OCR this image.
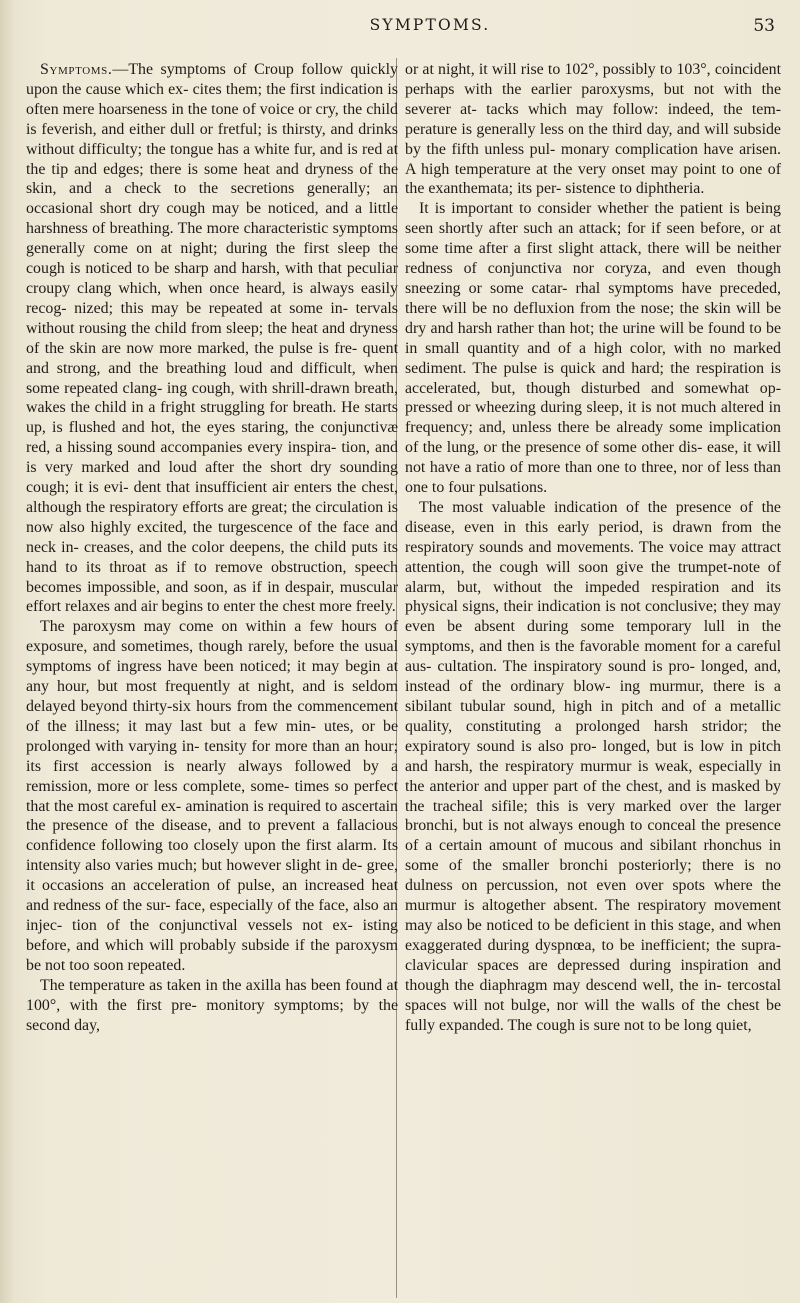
SYMPTOMS.	53

Symptoms.—The symptoms of Croup follow quickly upon the cause which ex- cites them; the first indication is often mere hoarseness in the tone of voice or cry, the child is feverish, and either dull or fretful; is thirsty, and drinks without difficulty; the tongue has a white fur, and is red at the tip and edges; there is some heat and dryness of the skin, and a check to the secretions generally; an occasional short dry cough may be noticed, and a little harshness of breathing. The more characteristic symptoms generally come on at night; during the first sleep the cough is noticed to be sharp and harsh, with that peculiar croupy clang which, when once heard, is always easily recog- nized; this may be repeated at some in- tervals without rousing the child from sleep; the heat and dryness of the skin are now more marked, the pulse is fre- quent and strong, and the breathing loud and difficult, when some repeated clang- ing cough, with shrill-drawn breath, wakes the child in a fright struggling for breath. He starts up, is flushed and hot, the eyes staring, the conjunctivæ red, a hissing sound accompanies every inspira- tion, and is very marked and loud after the short dry sounding cough; it is evi- dent that insufficient air enters the chest, although the respiratory efforts are great; the circulation is now also highly excited, the turgescence of the face and neck in- creases, and the color deepens, the child puts its hand to its throat as if to remove obstruction, speech becomes impossible, and soon, as if in despair, muscular effort relaxes and air begins to enter the chest more freely.

The paroxysm may come on within a few hours of exposure, and sometimes, though rarely, before the usual symptoms of ingress have been noticed; it may begin at any hour, but most frequently at night, and is seldom delayed beyond thirty-six hours from the commencement of the illness; it may last but a few min- utes, or be prolonged with varying in- tensity for more than an hour; its first accession is nearly always followed by a remission, more or less complete, some- times so perfect that the most careful ex- amination is required to ascertain the presence of the disease, and to prevent a fallacious confidence following too closely upon the first alarm. Its intensity also varies much; but however slight in de- gree, it occasions an acceleration of pulse, an increased heat and redness of the sur- face, especially of the face, also an injec- tion of the conjunctival vessels not ex- isting before, and which will probably subside if the paroxysm be not too soon repeated.

The temperature as taken in the axilla has been found at 100°, with the first pre- monitory symptoms; by the second day,

or at night, it will rise to 102°, possibly to 103°, coincident perhaps with the earlier paroxysms, but not with the severer at- tacks which may follow: indeed, the tem- perature is generally less on the third day, and will subside by the fifth unless pul- monary complication have arisen. A high temperature at the very onset may point to one of the exanthemata; its per- sistence to diphtheria.

It is important to consider whether the patient is being seen shortly after such an attack; for if seen before, or at some time after a first slight attack, there will be neither redness of conjunctiva nor coryza, and even though sneezing or some catar- rhal symptoms have preceded, there will be no defluxion from the nose; the skin will be dry and harsh rather than hot; the urine will be found to be in small quantity and of a high color, with no marked sediment. The pulse is quick and hard; the respiration is accelerated, but, though disturbed and somewhat op- pressed or wheezing during sleep, it is not much altered in frequency; and, unless there be already some implication of the lung, or the presence of some other dis- ease, it will not have a ratio of more than one to three, nor of less than one to four pulsations.

The most valuable indication of the presence of the disease, even in this early period, is drawn from the respiratory sounds and movements. The voice may attract attention, the cough will soon give the trumpet-note of alarm, but, without the impeded respiration and its physical signs, their indication is not conclusive; they may even be absent during some temporary lull in the symptoms, and then is the favorable moment for a careful aus- cultation. The inspiratory sound is pro- longed, and, instead of the ordinary blow- ing murmur, there is a sibilant tubular sound, high in pitch and of a metallic quality, constituting a prolonged harsh stridor; the expiratory sound is also pro- longed, but is low in pitch and harsh, the respiratory murmur is weak, especially in the anterior and upper part of the chest, and is masked by the tracheal sifile; this is very marked over the larger bronchi, but is not always enough to conceal the presence of a certain amount of mucous and sibilant rhonchus in some of the smaller bronchi posteriorly; there is no dulness on percussion, not even over spots where the murmur is altogether absent. The respiratory movement may also be noticed to be deficient in this stage, and when exaggerated during dyspnœa, to be inefficient; the supra-clavicular spaces are depressed during inspiration and though the diaphragm may descend well, the in- tercostal spaces will not bulge, nor will the walls of the chest be fully expanded. The cough is sure not to be long quiet,
